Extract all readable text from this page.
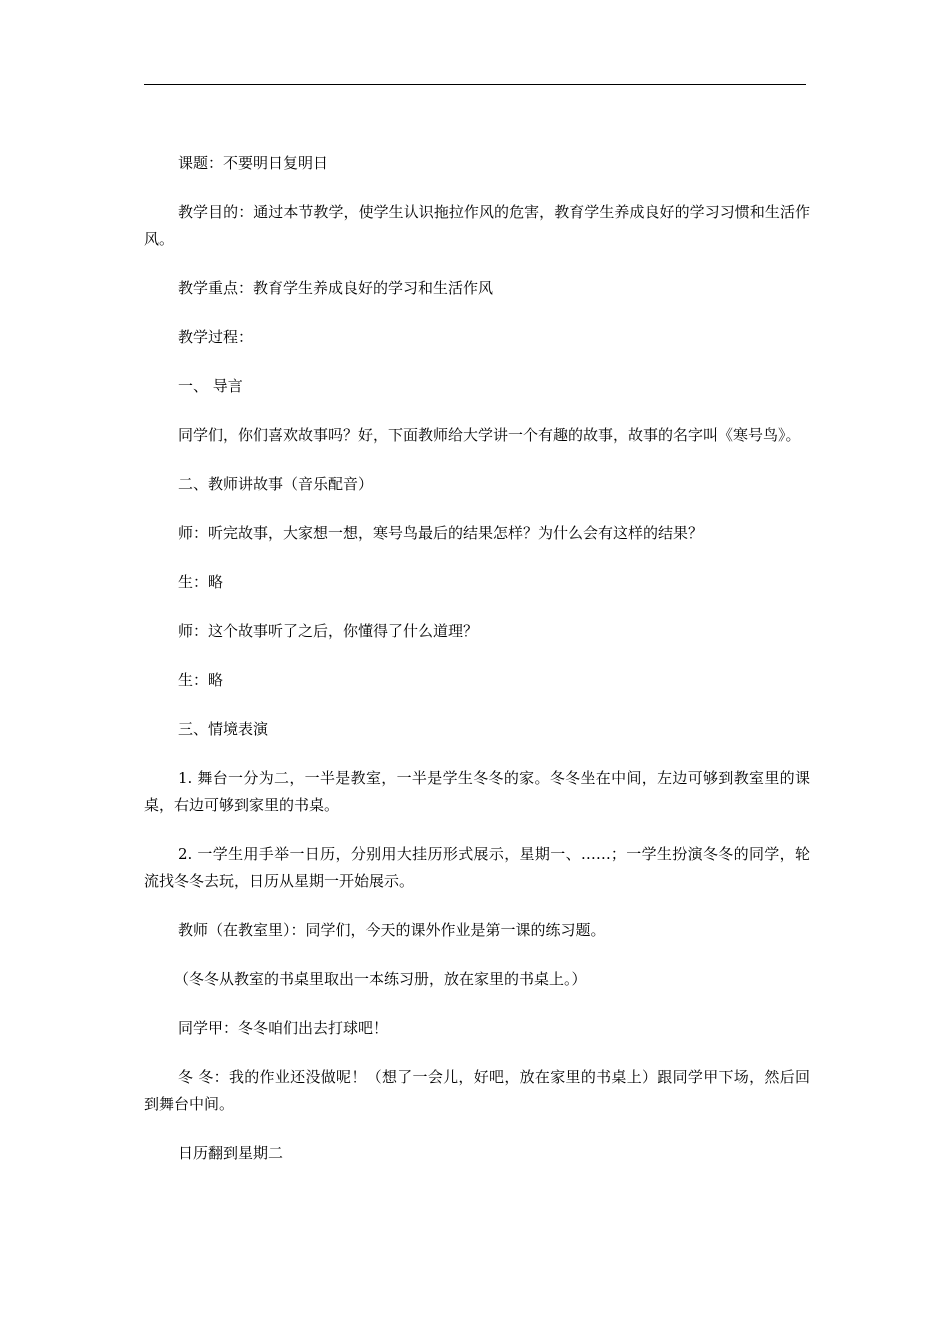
课题：不要明日复明日

教学目的：通过本节教学，使学生认识拖拉作风的危害，教育学生养成良好的学习习惯和生活作风。

教学重点：教育学生养成良好的学习和生活作风

教学过程：

一、 导言

同学们，你们喜欢故事吗？好，下面教师给大学讲一个有趣的故事，故事的名字叫《寒号鸟》。

二、教师讲故事（音乐配音）

师：听完故事，大家想一想，寒号鸟最后的结果怎样？为什么会有这样的结果？

生：略

师：这个故事听了之后，你懂得了什么道理？

生：略

三、情境表演

1. 舞台一分为二，一半是教室，一半是学生冬冬的家。冬冬坐在中间，左边可够到教室里的课桌，右边可够到家里的书桌。

2. 一学生用手举一日历，分别用大挂历形式展示，星期一、……；一学生扮演冬冬的同学，轮流找冬冬去玩，日历从星期一开始展示。

教师（在教室里）：同学们，今天的课外作业是第一课的练习题。

（冬冬从教室的书桌里取出一本练习册，放在家里的书桌上。）

同学甲：冬冬咱们出去打球吧！

冬 冬：我的作业还没做呢！（想了一会儿，好吧，放在家里的书桌上）跟同学甲下场，然后回到舞台中间。

日历翻到星期二
